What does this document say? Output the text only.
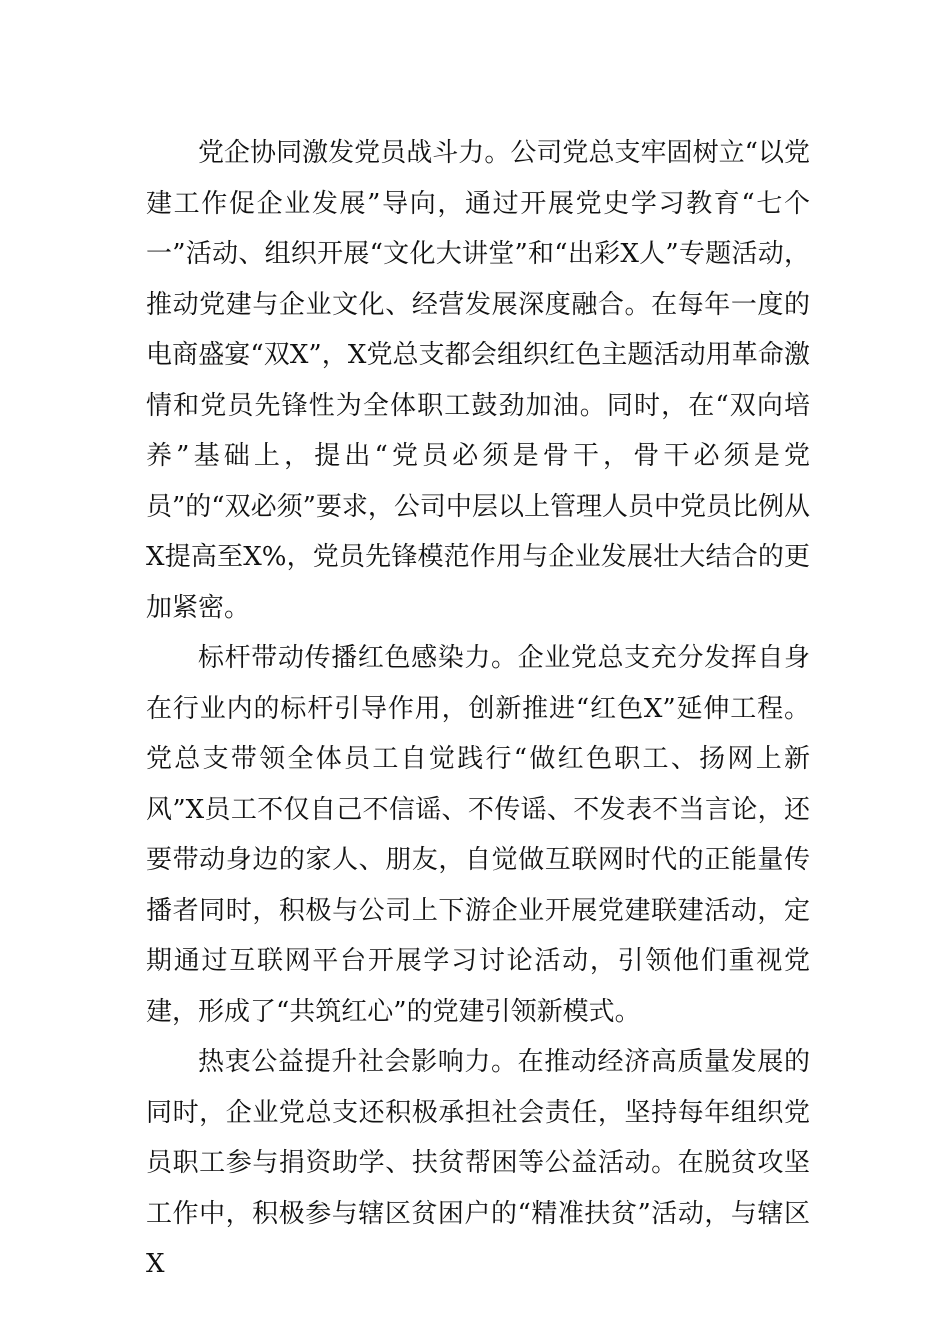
党企协同激发党员战斗力。公司党总支牢固树立“以党建工作促企业发展”导向，通过开展党史学习教育“七个一”活动、组织开展“文化大讲堂”和“出彩X人”专题活动，推动党建与企业文化、经营发展深度融合。在每年一度的电商盛宴“双X”，X党总支都会组织红色主题活动用革命激情和党员先锋性为全体职工鼓劲加油。同时，在“双向培养”基础上，提出“党员必须是骨干，骨干必须是党员”的“双必须”要求，公司中层以上管理人员中党员比例从X提高至X%，党员先锋模范作用与企业发展壮大结合的更加紧密。

标杆带动传播红色感染力。企业党总支充分发挥自身在行业内的标杆引导作用，创新推进“红色X”延伸工程。党总支带领全体员工自觉践行“做红色职工、扬网上新风”X员工不仅自己不信谣、不传谣、不发表不当言论，还要带动身边的家人、朋友，自觉做互联网时代的正能量传播者同时，积极与公司上下游企业开展党建联建活动，定期通过互联网平台开展学习讨论活动，引领他们重视党建，形成了“共筑红心”的党建引领新模式。

热衷公益提升社会影响力。在推动经济高质量发展的同时，企业党总支还积极承担社会责任，坚持每年组织党员职工参与捐资助学、扶贫帮困等公益活动。在脱贫攻坚工作中，积极参与辖区贫困户的“精准扶贫”活动，与辖区X
